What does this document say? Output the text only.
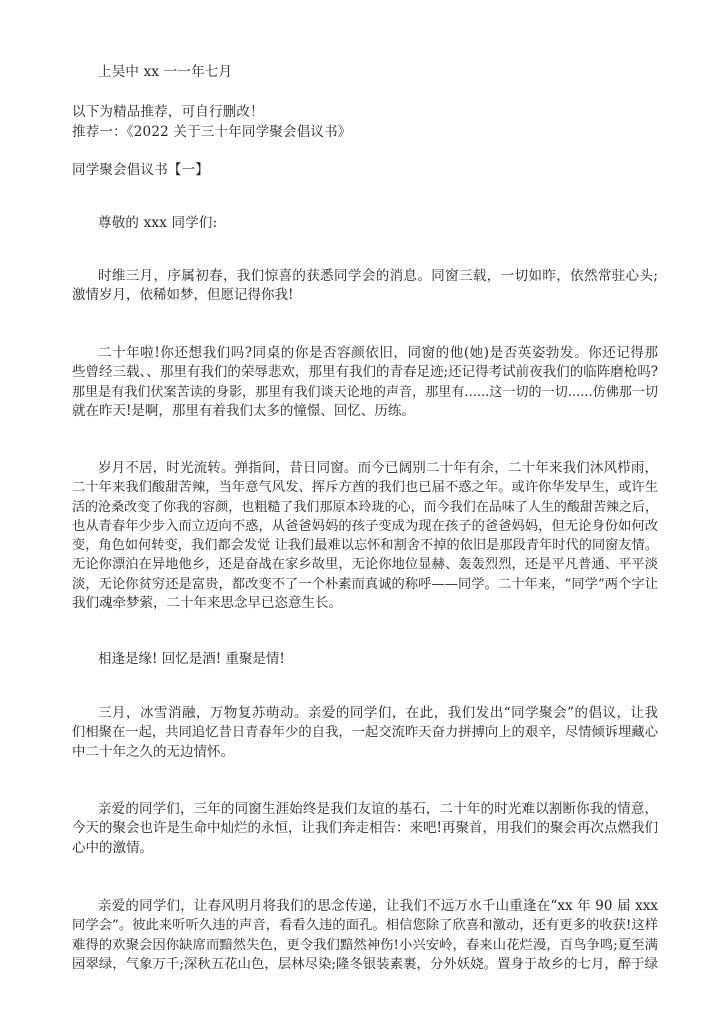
上吴中 xx 一一年七月
以下为精品推荐，可自行删改！
推荐一：《2022 关于三十年同学聚会倡议书》
同学聚会倡议书【一】
尊敬的 xxx 同学们:
时维三月，序属初春，我们惊喜的获悉同学会的消息。同窗三载，一切如昨，依然常驻心头;
激情岁月，依稀如梦，但愿记得你我!
二十年啦!你还想我们吗?同桌的你是否容颜依旧，同窗的他(她)是否英姿勃发。你还记得那
些曾经三载、、那里有我们的荣辱悲欢，那里有我们的青春足迹;还记得考试前夜我们的临阵磨枪吗?
那里是有我们伏案苦读的身影，那里有我们谈天论地的声音，那里有......这一切的一切......仿佛那一切
就在昨天!是啊，那里有着我们太多的憧憬、回忆、历练。
岁月不居，时光流转。弹指间，昔日同窗。而今已阔别二十年有余，二十年来我们沐风栉雨，
二十年来我们酸甜苦辣，当年意气风发、挥斥方酋的我们也已届不惑之年。或许你华发早生，或许生
活的沧桑改变了你我的容颜，也粗糙了我们那原本玲珑的心，而今我们在品味了人生的酸甜苦辣之后，
也从青春年少步入而立迈向不惑，从爸爸妈妈的孩子变成为现在孩子的爸爸妈妈，但无论身份如何改
变，角色如何转变，我们都会发觉 让我们最难以忘怀和割舍不掉的依旧是那段青年时代的同窗友情。
无论你漂泊在异地他乡，还是奋战在家乡故里，无论你地位显赫、轰轰烈烈，还是平凡普通、平平淡
淡，无论你贫穷还是富贵，都改变不了一个朴素而真诚的称呼——同学。二十年来，“同学”两个字让
我们魂牵梦萦，二十年来思念早已恣意生长。
相逢是缘! 回忆是酒! 重聚是情!
三月，冰雪消融，万物复苏萌动。亲爱的同学们，在此，我们发出“同学聚会”的倡议，让我
们相聚在一起，共同追忆昔日青春年少的自我，一起交流昨天奋力拼搏向上的艰辛，尽情倾诉埋藏心
中二十年之久的无边情怀。
亲爱的同学们，三年的同窗生涯始终是我们友谊的基石，二十年的时光难以割断你我的情意，
今天的聚会也许是生命中灿烂的永恒，让我们奔走相告：来吧!再聚首，用我们的聚会再次点燃我们
心中的激情。
亲爱的同学们，让春风明月将我们的思念传递，让我们不远万水千山重逢在“xx 年 90 届 xxx
同学会”。彼此来听听久违的声音，看看久违的面孔。相信您除了欣喜和激动，还有更多的收获!这样
难得的欢聚会因你缺席而黯然失色，更令我们黯然神伤!小兴安岭，春来山花烂漫，百鸟争鸣;夏至满
园翠绿，气象万千;深秋五花山色，层林尽染;隆冬银装素裹，分外妖娆。置身于故乡的七月，醉于绿
